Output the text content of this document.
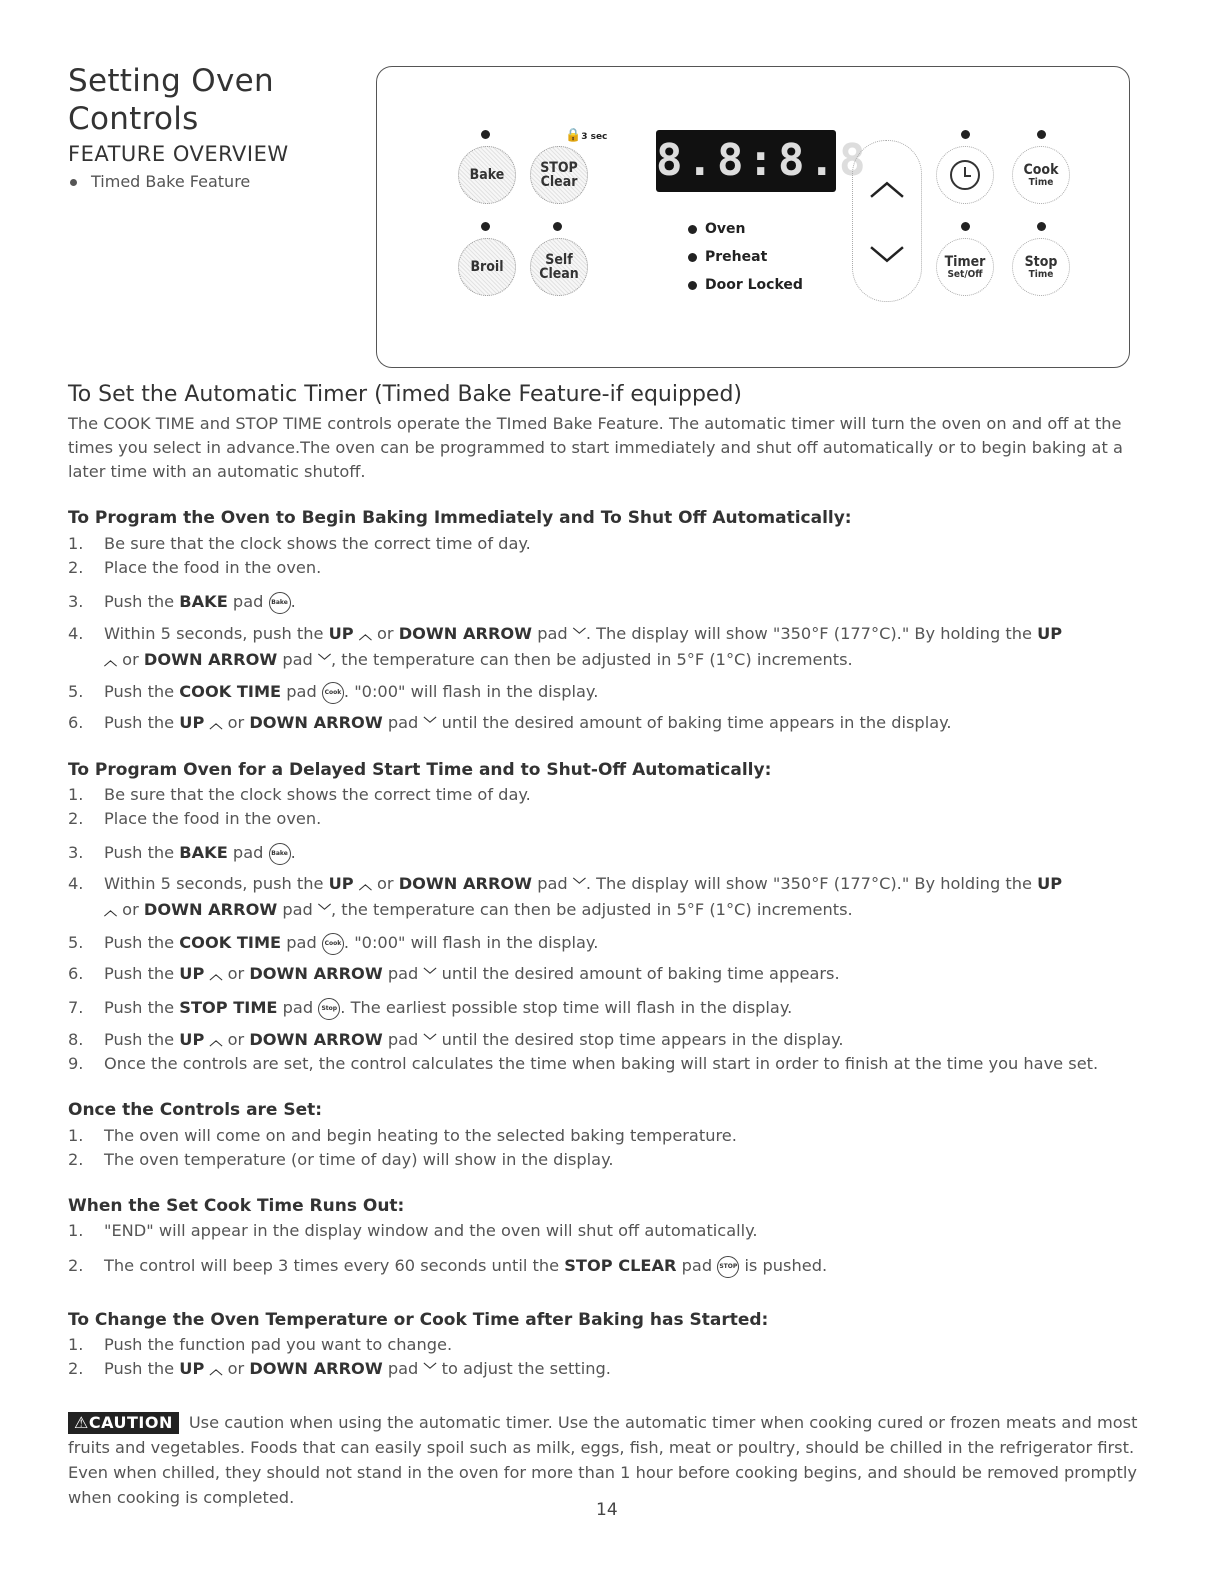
Setting Oven
Controls
FEATURE OVERVIEW
Timed Bake Feature
🔒3 sec
Bake	STOP
Clear
Broil	Self
Clean
8.8:8.8
Oven
Preheat
Door Locked
︿
﹀
Cook
Time
Timer
Set/Off
Stop
Time
To Set the Automatic Timer (Timed Bake Feature-if equipped)
The COOK TIME and STOP TIME controls operate the TImed Bake Feature. The automatic timer will turn the oven on and off at the times you select in advance.The oven can be programmed to start immediately and shut off automatically or to begin baking at a later time with an automatic shutoff.
To Program the Oven to Begin Baking Immediately and To Shut Off Automatically:
1. Be sure that the clock shows the correct time of day.
2. Place the food in the oven.
3. Push the BAKE pad Bake .
4. Within 5 seconds, push the UP ︿ or DOWN ARROW pad ﹀. The display will show "350°F (177°C)." By holding the UP
︿ or DOWN ARROW pad ﹀, the temperature can then be adjusted in 5°F (1°C) increments.
5. Push the COOK TIME pad Cook . "0:00" will flash in the display.
6. Push the UP ︿ or DOWN ARROW pad ﹀ until the desired amount of baking time appears in the display.
To Program Oven for a Delayed Start Time and to Shut-Off Automatically:
1. Be sure that the clock shows the correct time of day.
2. Place the food in the oven.
3. Push the BAKE pad Bake .
4. Within 5 seconds, push the UP ︿ or DOWN ARROW pad ﹀. The display will show "350°F (177°C)." By holding the UP
︿ or DOWN ARROW pad ﹀, the temperature can then be adjusted in 5°F (1°C) increments.
5. Push the COOK TIME pad Cook . "0:00" will flash in the display.
6. Push the UP ︿ or DOWN ARROW pad ﹀ until the desired amount of baking time appears.
7. Push the STOP TIME pad Stop . The earliest possible stop time will flash in the display.
8. Push the UP ︿ or DOWN ARROW pad ﹀ until the desired stop time appears in the display.
9. Once the controls are set, the control calculates the time when baking will start in order to finish at the time you have set.
Once the Controls are Set:
1. The oven will come on and begin heating to the selected baking temperature.
2. The oven temperature (or time of day) will show in the display.
When the Set Cook Time Runs Out:
1. "END" will appear in the display window and the oven will shut off automatically.
2. The control will beep 3 times every 60 seconds until the STOP CLEAR pad STOP is pushed.
To Change the Oven Temperature or Cook Time after Baking has Started:
1. Push the function pad you want to change.
2. Push the UP ︿ or DOWN ARROW pad ﹀ to adjust the setting.
⚠CAUTION Use caution when using the automatic timer. Use the automatic timer when cooking cured or frozen meats and most fruits and vegetables. Foods that can easily spoil such as milk, eggs, fish, meat or poultry, should be chilled in the refrigerator first. Even when chilled, they should not stand in the oven for more than 1 hour before cooking begins, and should be removed promptly when cooking is completed.
14
